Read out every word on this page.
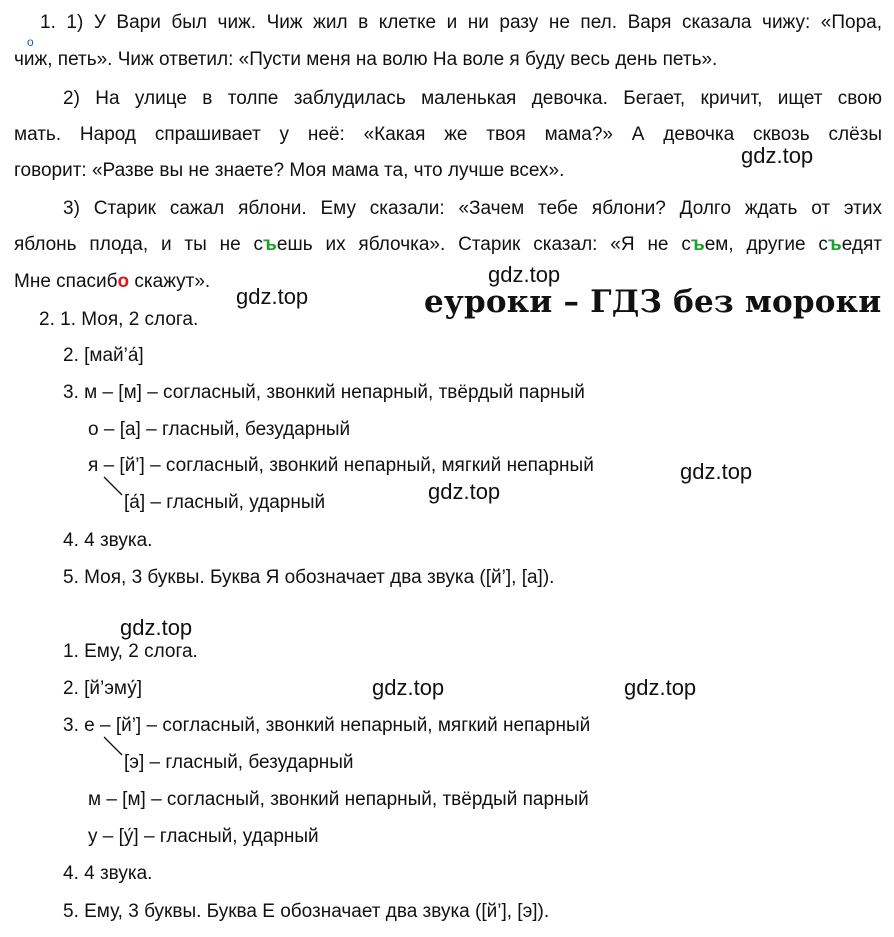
o
1. 1) У Вари был чиж. Чиж жил в клетке и ни разу не пел. Варя сказала чижу: «Пора,
чиж, петь». Чиж ответил: «Пусти меня на волю На воле я буду весь день петь».
2) На улице в толпе заблудилась маленькая девочка. Бегает, кричит, ищет свою
мать. Народ спрашивает у неё: «Какая же твоя мама?» А девочка сквозь слёзы
говорит: «Разве вы не знаете? Моя мама та, что лучше всех».
3) Старик сажал яблони. Ему сказали: «Зачем тебе яблони? Долго ждать от этих
яблонь плода, и ты не съешь их яблочка». Старик сказал: «Я не съем, другие съедят
Мне спасибо скажут».
2. 1. Моя, 2 слога.
2. [май’а́]
3. м – [м] – согласный, звонкий непарный, твёрдый парный
о – [а] – гласный, безударный
я – [й’] – согласный, звонкий непарный, мягкий непарный
[а́] – гласный, ударный
4. 4 звука.
5. Моя, 3 буквы. Буква Я обозначает два звука ([й’], [а]).
1. Ему, 2 слога.
2. [й’эму́]
3. е – [й’] – согласный, звонкий непарный, мягкий непарный
[э] – гласный, безударный
м – [м] – согласный, звонкий непарный, твёрдый парный
у – [у́] – гласный, ударный
4. 4 звука.
5. Ему, 3 буквы. Буква Е обозначает два звука ([й’], [э]).
gdz.top
gdz.top
gdz.top
gdz.top
gdz.top
gdz.top
gdz.top	gdz.top
еуроки – ГДЗ без мороки
